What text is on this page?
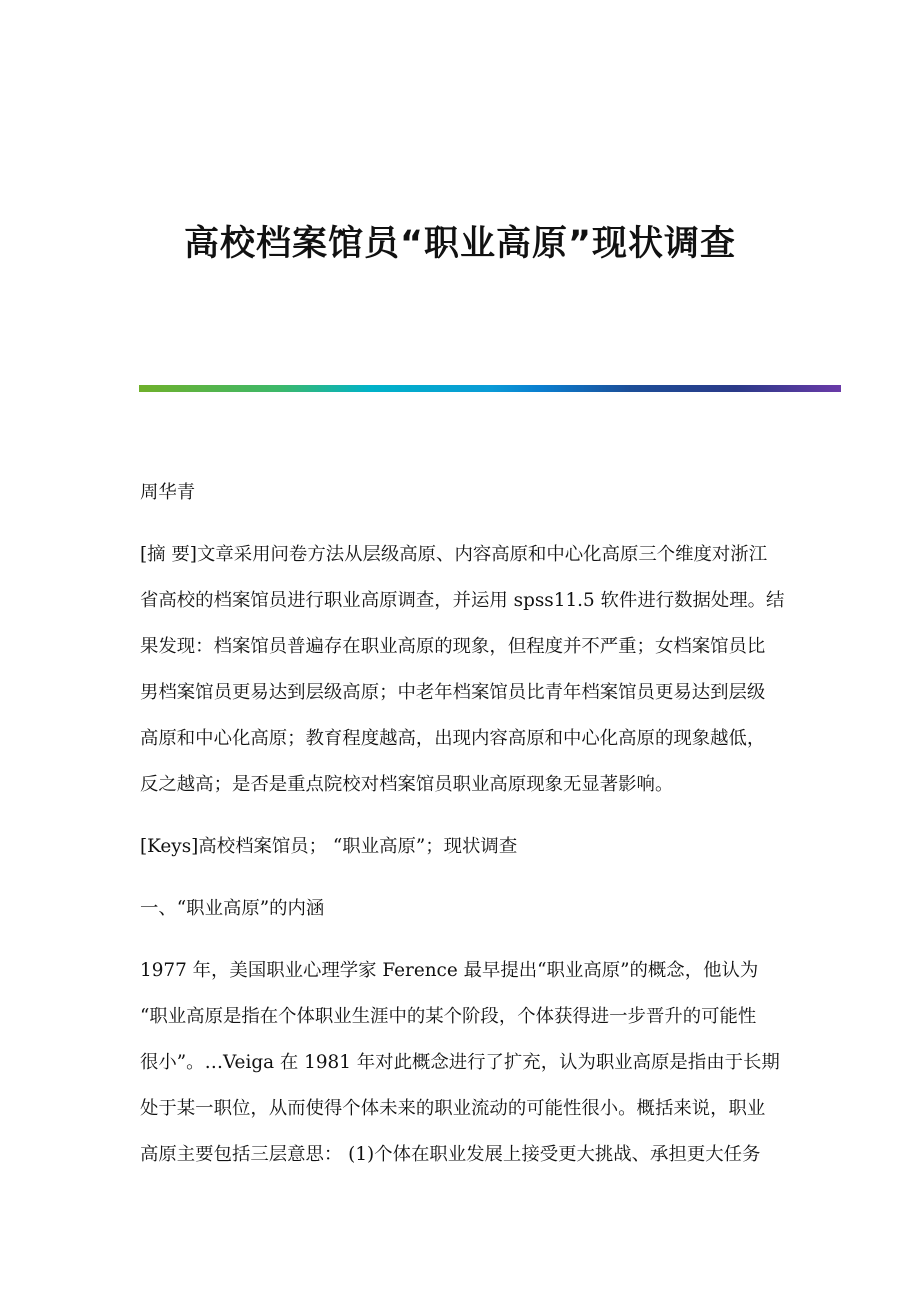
高校档案馆员“职业高原”现状调查
周华青
[摘 要]文章采用问卷方法从层级高原、内容高原和中心化高原三个维度对浙江
省高校的档案馆员进行职业高原调查，并运用 spss11.5 软件进行数据处理。结
果发现：档案馆员普遍存在职业高原的现象，但程度并不严重；女档案馆员比
男档案馆员更易达到层级高原；中老年档案馆员比青年档案馆员更易达到层级
高原和中心化高原；教育程度越高，出现内容高原和中心化高原的现象越低，
反之越高；是否是重点院校对档案馆员职业高原现象无显著影响。
[Keys]高校档案馆员； “职业高原”；现状调查
一、“职业高原”的内涵
1977 年，美国职业心理学家 Ference 最早提出“职业高原”的概念，他认为
“职业高原是指在个体职业生涯中的某个阶段，个体获得进一步晋升的可能性
很小”。…Veiga 在 1981 年对此概念进行了扩充，认为职业高原是指由于长期
处于某一职位，从而使得个体未来的职业流动的可能性很小。概括来说，职业
高原主要包括三层意思： (1)个体在职业发展上接受更大挑战、承担更大任务
